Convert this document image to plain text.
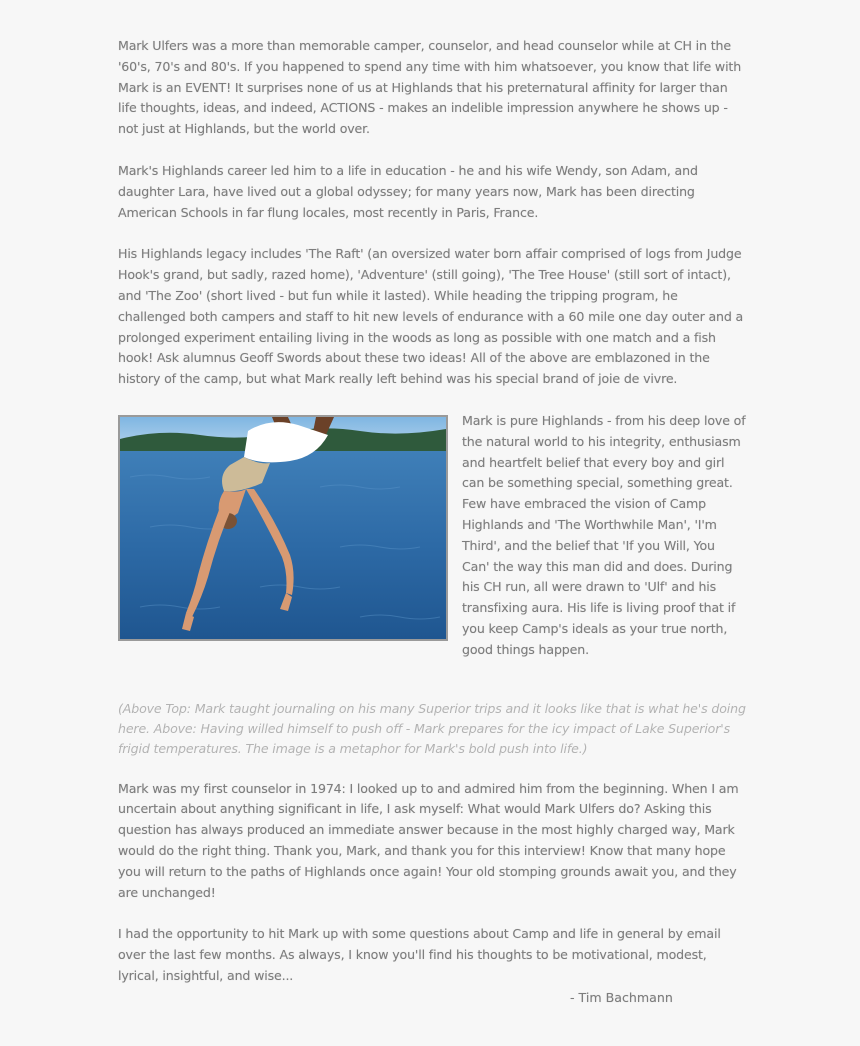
Mark Ulfers was a more than memorable camper, counselor, and head counselor while at CH in the '60's, 70's and 80's. If you happened to spend any time with him whatsoever, you know that life with Mark is an EVENT! It surprises none of us at Highlands that his preternatural affinity for larger than life thoughts, ideas, and indeed, ACTIONS - makes an indelible impression anywhere he shows up - not just at Highlands, but the world over.

Mark's Highlands career led him to a life in education - he and his wife Wendy, son Adam, and daughter Lara, have lived out a global odyssey; for many years now, Mark has been directing American Schools in far flung locales, most recently in Paris, France.

His Highlands legacy includes 'The Raft' (an oversized water born affair comprised of logs from Judge Hook's grand, but sadly, razed home), 'Adventure' (still going), 'The Tree House' (still sort of intact), and 'The Zoo' (short lived - but fun while it lasted). While heading the tripping program, he challenged both campers and staff to hit new levels of endurance with a 60 mile one day outer and a prolonged experiment entailing living in the woods as long as possible with one match and a fish hook! Ask alumnus Geoff Swords about these two ideas! All of the above are emblazoned in the history of the camp, but what Mark really left behind was his special brand of joie de vivre.

Mark is pure Highlands - from his deep love of the natural world to his integrity, enthusiasm and heartfelt belief that every boy and girl can be something special, something great. Few have embraced the vision of Camp Highlands and 'The Worthwhile Man', 'I'm Third', and the belief that 'If you Will, You Can' the way this man did and does. During his CH run, all were drawn to 'Ulf' and his transfixing aura. His life is living proof that if you keep Camp's ideals as your true north, good things happen.

(Above Top: Mark taught journaling on his many Superior trips and it looks like that is what he's doing here. Above: Having willed himself to push off - Mark prepares for the icy impact of Lake Superior's frigid temperatures. The image is a metaphor for Mark's bold push into life.)

Mark was my first counselor in 1974: I looked up to and admired him from the beginning. When I am uncertain about anything significant in life, I ask myself: What would Mark Ulfers do? Asking this question has always produced an immediate answer because in the most highly charged way, Mark would do the right thing. Thank you, Mark, and thank you for this interview! Know that many hope you will return to the paths of Highlands once again! Your old stomping grounds await you, and they are unchanged!

I had the opportunity to hit Mark up with some questions about Camp and life in general by email over the last few months. As always, I know you'll find his thoughts to be motivational, modest, lyrical, insightful, and wise...

- Tim Bachmann
